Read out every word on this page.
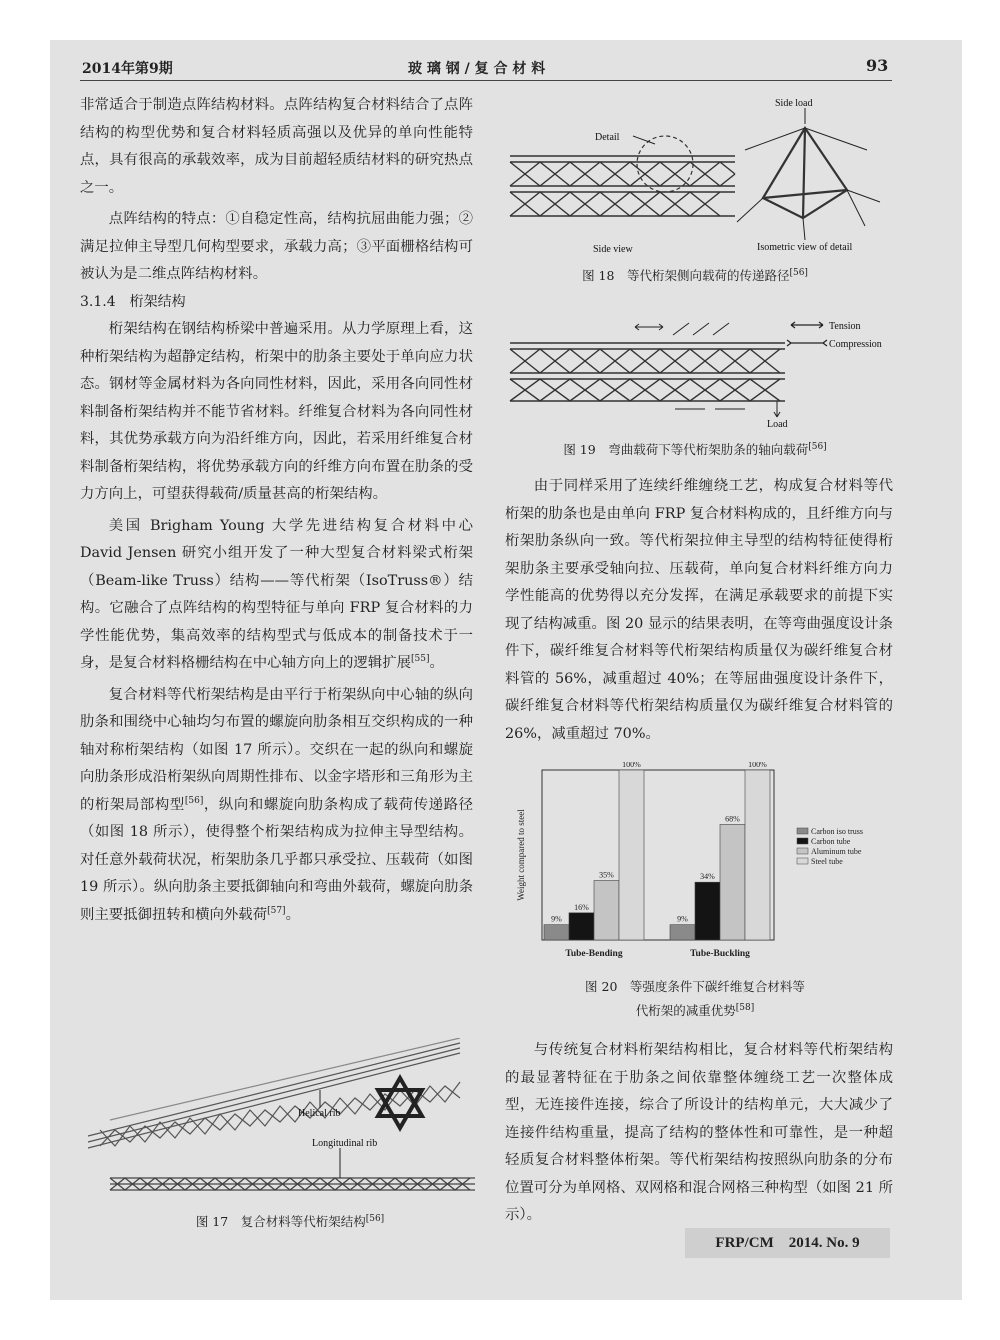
2014年第9期	玻 璃 钢 / 复 合 材 料	93

非常适合于制造点阵结构材料。点阵结构复合材料结合了点阵结构的构型优势和复合材料轻质高强以及优异的单向性能特点，具有很高的承载效率，成为目前超轻质结材料的研究热点之一。

点阵结构的特点：①自稳定性高，结构抗屈曲能力强；②满足拉伸主导型几何构型要求，承载力高；③平面栅格结构可被认为是二维点阵结构材料。

3.1.4　桁架结构

桁架结构在钢结构桥梁中普遍采用。从力学原理上看，这种桁架结构为超静定结构，桁架中的肋条主要处于单向应力状态。钢材等金属材料为各向同性材料，因此，采用各向同性材料制备桁架结构并不能节省材料。纤维复合材料为各向同性材料，其优势承载方向为沿纤维方向，因此，若采用纤维复合材料制备桁架结构，将优势承载方向的纤维方向布置在肋条的受力方向上，可望获得载荷/质量甚高的桁架结构。

美国 Brigham Young 大学先进结构复合材料中心 David Jensen 研究小组开发了一种大型复合材料梁式桁架（Beam-like Truss）结构——等代桁架（IsoTruss®）结构。它融合了点阵结构的构型特征与单向 FRP 复合材料的力学性能优势，集高效率的结构型式与低成本的制备技术于一身，是复合材料格栅结构在中心轴方向上的逻辑扩展[55]。

复合材料等代桁架结构是由平行于桁架纵向中心轴的纵向肋条和围绕中心轴均匀布置的螺旋向肋条相互交织构成的一种轴对称桁架结构（如图 17 所示）。交织在一起的纵向和螺旋向肋条形成沿桁架纵向周期性排布、以金字塔形和三角形为主的桁架局部构型[56]，纵向和螺旋向肋条构成了载荷传递路径（如图 18 所示），使得整个桁架结构成为拉伸主导型结构。对任意外载荷状况，桁架肋条几乎都只承受拉、压载荷（如图 19 所示）。纵向肋条主要抵御轴向和弯曲外载荷，螺旋向肋条则主要抵御扭转和横向外载荷[57]。

Helical rib
Longitudinal rib
图 17　复合材料等代桁架结构[56]
Detail
Side load
Side view	Isometric view of detail
图 18　等代桁架侧向载荷的传递路径[56]
Tension
Compression
Load
图 19　弯曲载荷下等代桁架肋条的轴向载荷[56]

由于同样采用了连续纤维缠绕工艺，构成复合材料等代桁架的肋条也是由单向 FRP 复合材料构成的，且纤维方向与桁架肋条纵向一致。等代桁架拉伸主导型的结构特征使得桁架肋条主要承受轴向拉、压载荷，单向复合材料纤维方向力学性能高的优势得以充分发挥，在满足承载要求的前提下实现了结构减重。图 20 显示的结果表明，在等弯曲强度设计条件下，碳纤维复合材料等代桁架结构质量仅为碳纤维复合材料管的 56%，减重超过 40%；在等屈曲强度设计条件下，碳纤维复合材料等代桁架结构质量仅为碳纤维复合材料管的 26%，减重超过 70%。

Weight compared to steel
9%
16%
35%
100%
Tube-Bending
9%
34%
68%
100%
Tube-Buckling
Carbon iso truss
Carbon tube
Aluminum tube
Steel tube
图 20　等强度条件下碳纤维复合材料等
代桁架的减重优势[58]

与传统复合材料桁架结构相比，复合材料等代桁架结构的最显著特征在于肋条之间依靠整体缠绕工艺一次整体成型，无连接件连接，综合了所设计的结构单元，大大减少了连接件结构重量，提高了结构的整体性和可靠性，是一种超轻质复合材料整体桁架。等代桁架结构按照纵向肋条的分布位置可分为单网格、双网格和混合网格三种构型（如图 21 所示）。

FRP/CM　2014. No. 9
